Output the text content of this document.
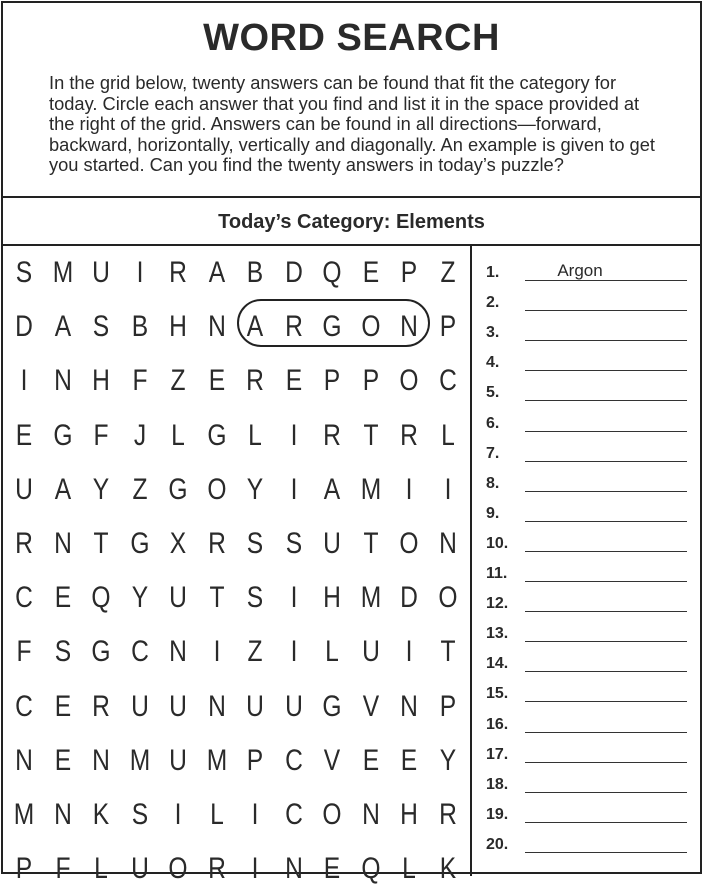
WORD SEARCH
In the grid below, twenty answers can be found that fit the category for today. Circle each answer that you find and list it in the space provided at the right of the grid. Answers can be found in all directions—forward, backward, horizontally, vertically and diagonally. An example is given to get you started. Can you find the twenty answers in today’s puzzle?
Today’s Category: Elements
S M U I R A B D Q E P Z
D A S B H N A R G O N P
I N H F Z E R E P P O C
E G F J L G L I R T R L
U A Y Z G O Y I A M I	I
R N T G X R S S U T O N
C E Q Y U T S I H M D O
F S G C N I Z I L U I T
C E R U U N U U G V N P
N E N M U M P C V E E Y
M N K S I L I C O N H R
P F L U O R I N E Q L K
1.	Argon
2.
3.
4.
5.
6.
7.
8.
9.
10.
11.
12.
13.
14.
15.
16.
17.
18.
19.
20.
